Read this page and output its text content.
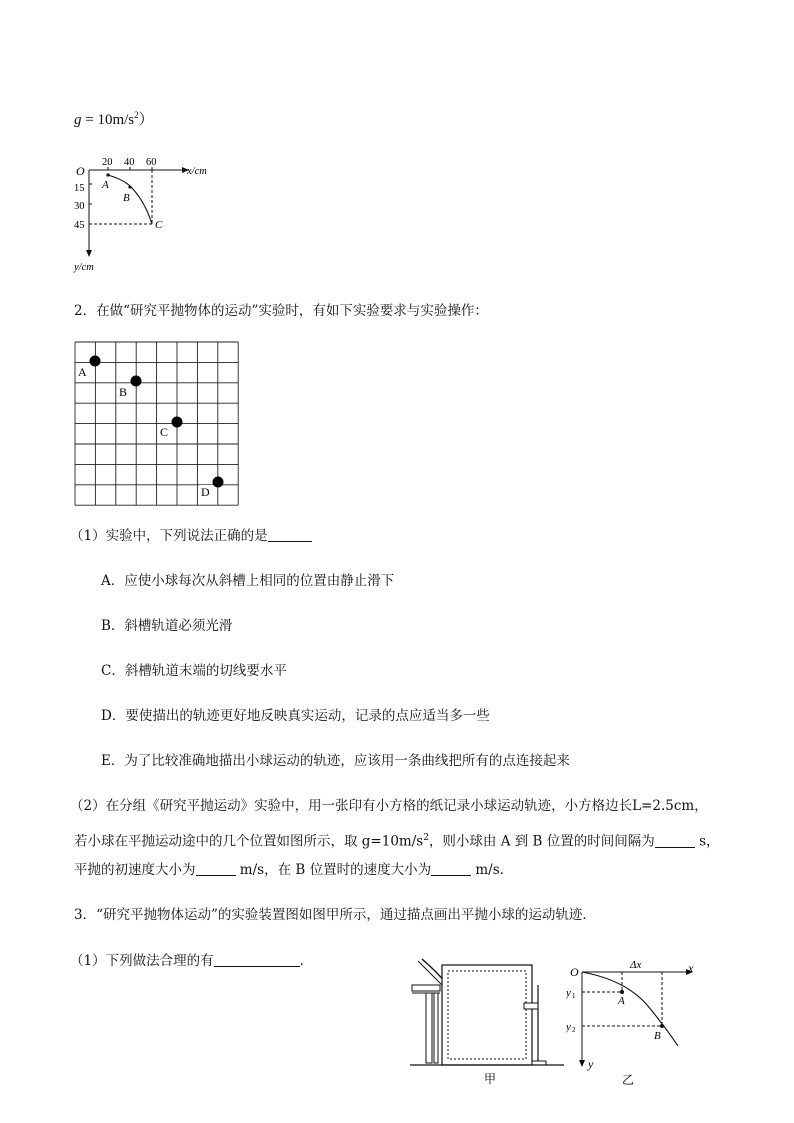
$g = 10m/s^2$）
O
20 40 60
x/cm
15
30
45
y/cm
A
B
C
2．在做“研究平抛物体的运动”实验时，有如下实验要求与实验操作：
A
B
C
D
（1）实验中，下列说法正确的是
A．应使小球每次从斜槽上相同的位置由静止滑下
B．斜槽轨道必须光滑
C．斜槽轨道末端的切线要水平
D．要使描出的轨迹更好地反映真实运动，记录的点应适当多一些
E．为了比较准确地描出小球运动的轨迹，应该用一条曲线把所有的点连接起来
（2）在分组《研究平抛运动》实验中，用一张印有小方格的纸记录小球运动轨迹，小方格边长L=2.5cm，
若小球在平抛运动途中的几个位置如图所示，取 $g=10m/s^2$，则小球由 A 到 B 位置的时间间隔为	s，
平抛的初速度大小为	m/s，在 B 位置时的速度大小为	m/s.
3．“研究平抛物体运动”的实验装置图如图甲所示，通过描点画出平抛小球的运动轨迹．
（1）下列做法合理的有	．
甲
O	x
y
Δx
y 1
y 2
A
B
乙
